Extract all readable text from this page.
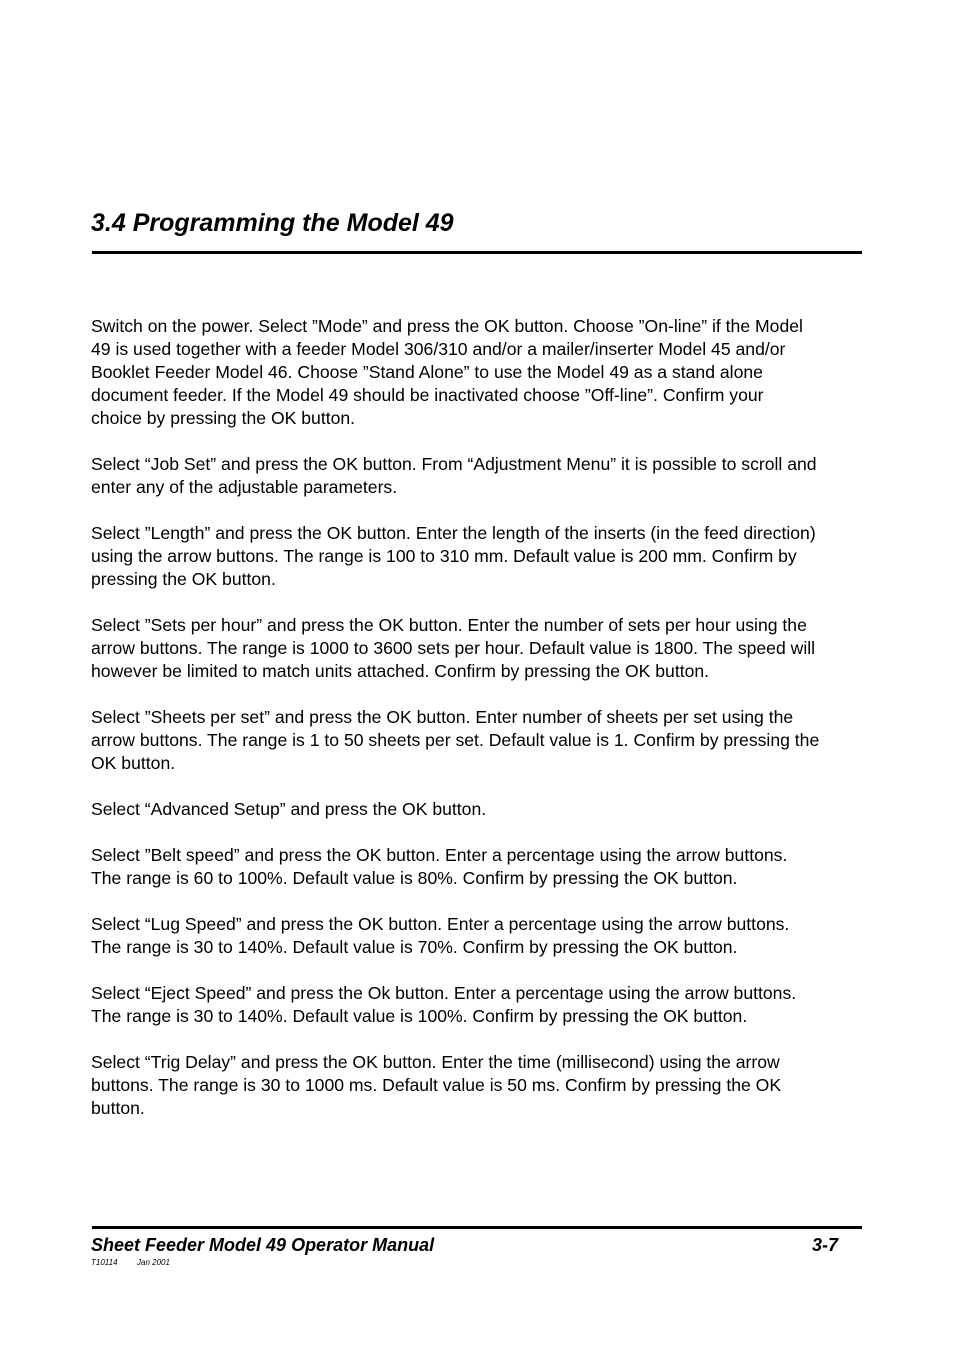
3.4 Programming the Model 49

Switch on the power. Select ”Mode” and press the OK button. Choose ”On-line” if the Model
49 is used together with a feeder Model 306/310 and/or a mailer/inserter Model 45 and/or
Booklet Feeder Model 46. Choose ”Stand Alone” to use the Model 49 as a stand alone
document feeder. If the Model 49 should be inactivated choose ”Off-line”. Confirm your
choice by pressing the OK button.

Select “Job Set” and press the OK button. From “Adjustment Menu” it is possible to scroll and
enter any of the adjustable parameters.

Select ”Length” and press the OK button. Enter the length of the inserts (in the feed direction)
using the arrow buttons. The range is 100 to 310 mm. Default value is 200 mm. Confirm by
pressing the OK button.

Select ”Sets per hour” and press the OK button. Enter the number of sets per hour using the
arrow buttons. The range is 1000 to 3600 sets per hour. Default value is 1800. The speed will
however be limited to match units attached. Confirm by pressing the OK button.

Select ”Sheets per set” and press the OK button. Enter number of sheets per set using the
arrow buttons. The range is 1 to 50 sheets per set. Default value is 1. Confirm by pressing the
OK button.

Select “Advanced Setup” and press the OK button.

Select ”Belt speed” and press the OK button. Enter a percentage using the arrow buttons.
The range is 60 to 100%. Default value is 80%. Confirm by pressing the OK button.

Select “Lug Speed” and press the OK button. Enter a percentage using the arrow buttons.
The range is 30 to 140%. Default value is 70%. Confirm by pressing the OK button.

Select “Eject Speed” and press the Ok button. Enter a percentage using the arrow buttons.
The range is 30 to 140%. Default value is 100%. Confirm by pressing the OK button.

Select “Trig Delay” and press the OK button. Enter the time (millisecond) using the arrow
buttons. The range is 30 to 1000 ms. Default value is 50 ms. Confirm by pressing the OK
button.

Sheet Feeder Model 49 Operator Manual	3-7
T10114 Jan 2001
